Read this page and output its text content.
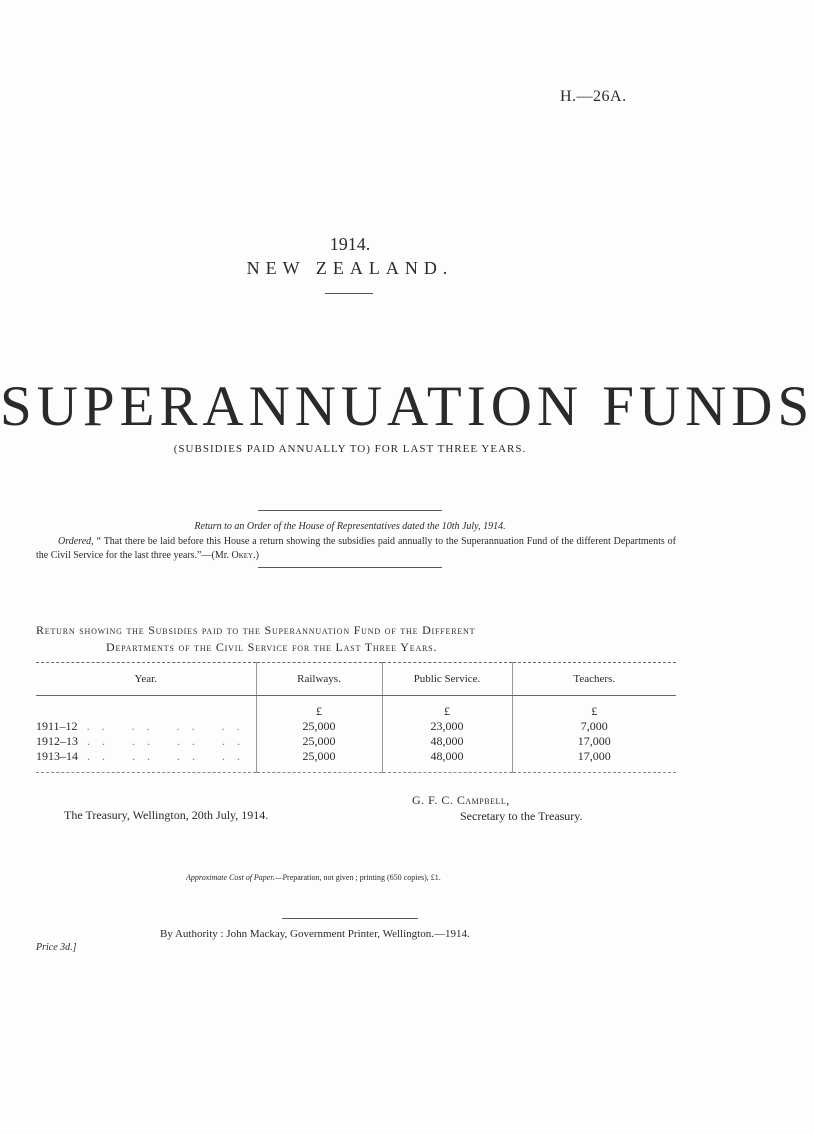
H.—26A.
1914.
NEW ZEALAND.
SUPERANNUATION FUNDS
(SUBSIDIES PAID ANNUALLY TO) FOR LAST THREE YEARS.
Return to an Order of the House of Representatives dated the 10th July, 1914.
Ordered, “ That there be laid before this House a return showing the subsidies paid annually to the Superannuation Fund of the different Departments of the Civil Service for the last three years.”—(Mr. Okey.)
Return showing the Subsidies paid to the Superannuation Fund of the Different
Departments of the Civil Service for the Last Three Years.
Year.	Railways.	Public Service.	Teachers.
	£	£	£
1911–12 .. .. .. ..	25,000	23,000	7,000
1912–13 .. .. .. ..	25,000	48,000	17,000
1913–14 .. .. .. ..	25,000	48,000	17,000
G. F. C. Campbell,
Secretary to the Treasury.
The Treasury, Wellington, 20th July, 1914.
Approximate Cost of Paper.—Preparation, not given ; printing (650 copies), £1.
By Authority : John Mackay, Government Printer, Wellington.—1914.
Price 3d.]
